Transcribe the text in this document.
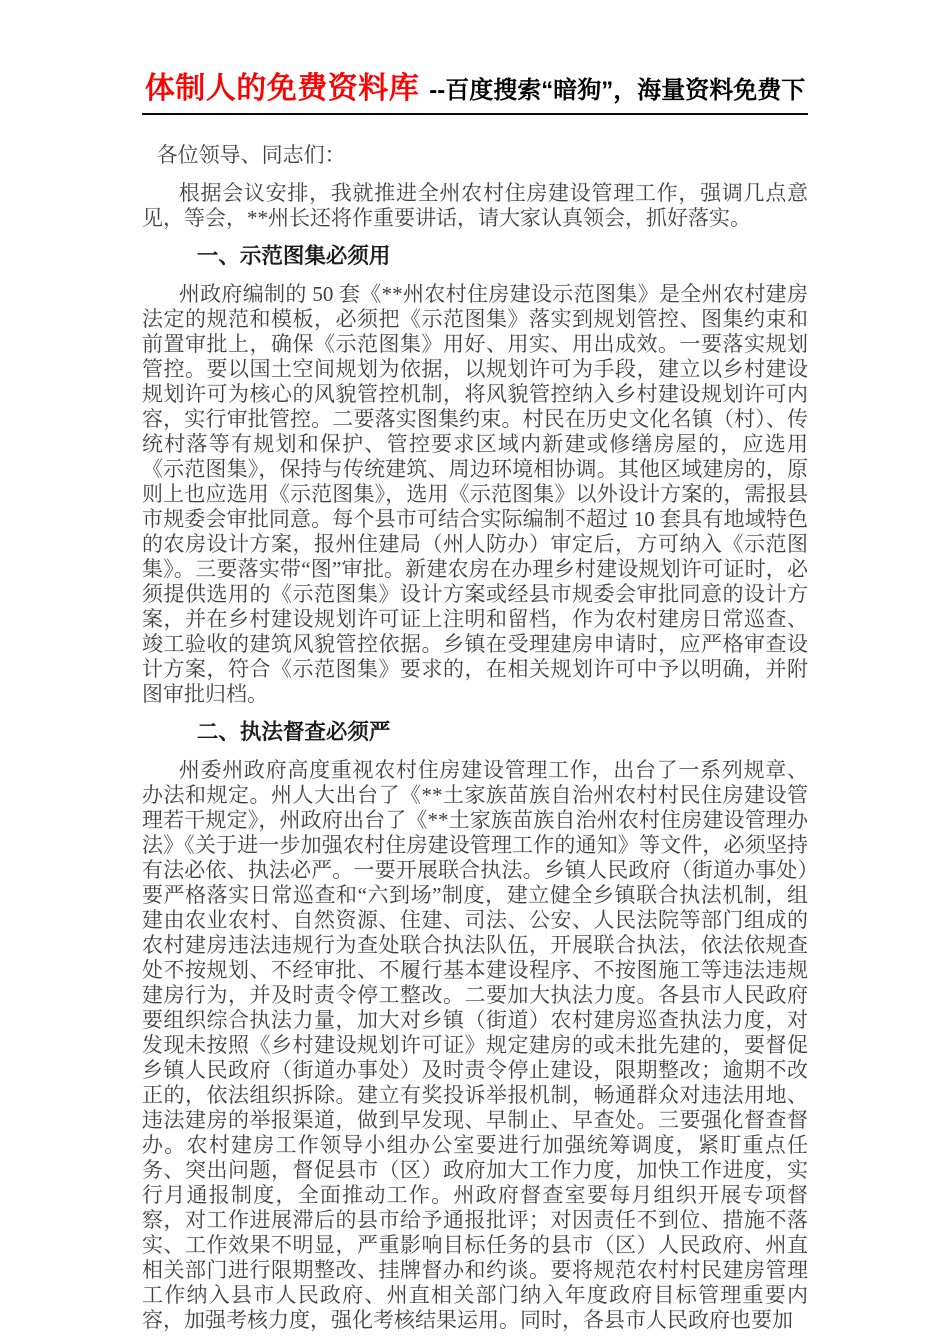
体制人的免费资料库 --百度搜索“暗狗”，海量资料免费下

各位领导、同志们：

根据会议安排，我就推进全州农村住房建设管理工作，强调几点意见，等会，**州长还将作重要讲话，请大家认真领会，抓好落实。

一、示范图集必须用

州政府编制的 50 套《**州农村住房建设示范图集》是全州农村建房法定的规范和模板，必须把《示范图集》落实到规划管控、图集约束和前置审批上，确保《示范图集》用好、用实、用出成效。一要落实规划管控。要以国土空间规划为依据，以规划许可为手段，建立以乡村建设规划许可为核心的风貌管控机制，将风貌管控纳入乡村建设规划许可内容，实行审批管控。二要落实图集约束。村民在历史文化名镇（村）、传统村落等有规划和保护、管控要求区域内新建或修缮房屋的，应选用《示范图集》，保持与传统建筑、周边环境相协调。其他区域建房的，原则上也应选用《示范图集》，选用《示范图集》以外设计方案的，需报县市规委会审批同意。每个县市可结合实际编制不超过 10 套具有地域特色的农房设计方案，报州住建局（州人防办）审定后，方可纳入《示范图集》。三要落实带“图”审批。新建农房在办理乡村建设规划许可证时，必须提供选用的《示范图集》设计方案或经县市规委会审批同意的设计方案，并在乡村建设规划许可证上注明和留档，作为农村建房日常巡查、竣工验收的建筑风貌管控依据。乡镇在受理建房申请时，应严格审查设计方案，符合《示范图集》要求的，在相关规划许可中予以明确，并附图审批归档。

二、执法督查必须严

州委州政府高度重视农村住房建设管理工作，出台了一系列规章、办法和规定。州人大出台了《**土家族苗族自治州农村村民住房建设管理若干规定》，州政府出台了《**土家族苗族自治州农村住房建设管理办法》《关于进一步加强农村住房建设管理工作的通知》等文件，必须坚持有法必依、执法必严。一要开展联合执法。乡镇人民政府（街道办事处）要严格落实日常巡查和“六到场”制度，建立健全乡镇联合执法机制，组建由农业农村、自然资源、住建、司法、公安、人民法院等部门组成的农村建房违法违规行为查处联合执法队伍，开展联合执法，依法依规查处不按规划、不经审批、不履行基本建设程序、不按图施工等违法违规建房行为，并及时责令停工整改。二要加大执法力度。各县市人民政府要组织综合执法力量，加大对乡镇（街道）农村建房巡查执法力度，对发现未按照《乡村建设规划许可证》规定建房的或未批先建的，要督促乡镇人民政府（街道办事处）及时责令停止建设，限期整改；逾期不改正的，依法组织拆除。建立有奖投诉举报机制，畅通群众对违法用地、违法建房的举报渠道，做到早发现、早制止、早查处。三要强化督查督办。农村建房工作领导小组办公室要进行加强统筹调度，紧盯重点任务、突出问题，督促县市（区）政府加大工作力度，加快工作进度，实行月通报制度，全面推动工作。州政府督查室要每月组织开展专项督察，对工作进展滞后的县市给予通报批评；对因责任不到位、措施不落实、工作效果不明显，严重影响目标任务的县市（区）人民政府、州直相关部门进行限期整改、挂牌督办和约谈。要将规范农村村民建房管理工作纳入县市人民政府、州直相关部门纳入年度政府目标管理重要内容，加强考核力度，强化考核结果运用。同时，各县市人民政府也要加
